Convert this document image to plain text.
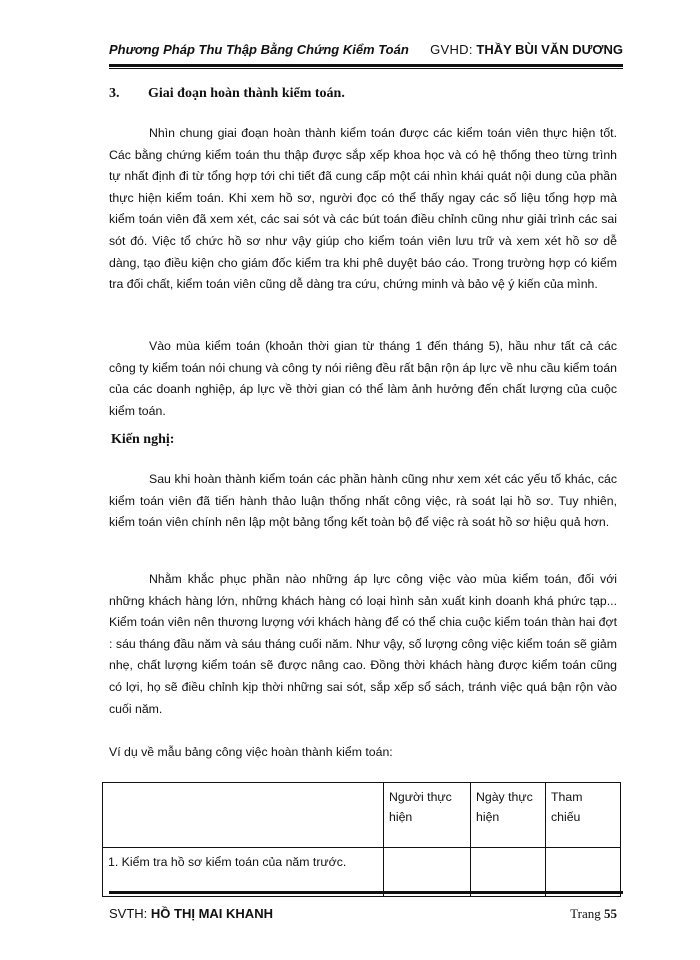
Phương Pháp Thu Thập Bằng Chứng Kiểm Toán GVHD: THẦY BÙI VĂN DƯƠNG
3. Giai đoạn hoàn thành kiểm toán.

Nhìn chung giai đoạn hoàn thành kiểm toán được các kiểm toán viên thực hiện tốt. Các bằng chứng kiểm toán thu thập được sắp xếp khoa học và có hệ thống theo từng trình tự nhất định đi từ tổng hợp tới chi tiết đã cung cấp một cái nhìn khái quát nội dung của phần thực hiện kiểm toán. Khi xem hồ sơ, người đọc có thể thấy ngay các số liệu tổng hợp mà kiểm toán viên đã xem xét, các sai sót và các bút toán điều chỉnh cũng như giải trình các sai sót đó. Việc tổ chức hồ sơ như vậy giúp cho kiểm toán viên lưu trữ và xem xét hồ sơ dễ dàng, tạo điều kiện cho giám đốc kiểm tra khi phê duyệt báo cáo. Trong trường hợp có kiểm tra đối chất, kiểm toán viên cũng dễ dàng tra cứu, chứng minh và bảo vệ ý kiến của mình.

Vào mùa kiểm toán (khoản thời gian từ tháng 1 đến tháng 5), hầu như tất cả các công ty kiểm toán nói chung và công ty nói riêng đều rất bận rộn áp lực về nhu cầu kiểm toán của các doanh nghiệp, áp lực về thời gian có thể làm ảnh hưởng đến chất lượng của cuộc kiểm toán.

Kiến nghị:

Sau khi hoàn thành kiểm toán các phần hành cũng như xem xét các yếu tố khác, các kiểm toán viên đã tiến hành thảo luận thống nhất công việc, rà soát lại hồ sơ. Tuy nhiên, kiểm toán viên chính nên lập một bảng tổng kết toàn bộ để việc rà soát hồ sơ hiệu quả hơn.

Nhằm khắc phục phần nào những áp lực công việc vào mùa kiểm toán, đối với những khách hàng lớn, những khách hàng có loại hình sản xuất kinh doanh khá phức tạp... Kiểm toán viên nên thương lượng với khách hàng để có thể chia cuộc kiểm toán thàn hai đợt : sáu tháng đầu năm và sáu tháng cuối năm. Như vậy, số lượng công việc kiểm toán sẽ giảm nhẹ, chất lượng kiểm toán sẽ được nâng cao. Đồng thời khách hàng được kiểm toán cũng có lợi, họ sẽ điều chỉnh kịp thời những sai sót, sắp xếp sổ sách, tránh việc quá bận rộn vào cuối năm.

Ví dụ về mẫu bảng công việc hoàn thành kiểm toán:

	Người thực hiện	Ngày thực hiện	Tham chiếu
1. Kiểm tra hồ sơ kiểm toán của năm trước.			
SVTH: HỒ THỊ MAI KHANH	Trang 55
